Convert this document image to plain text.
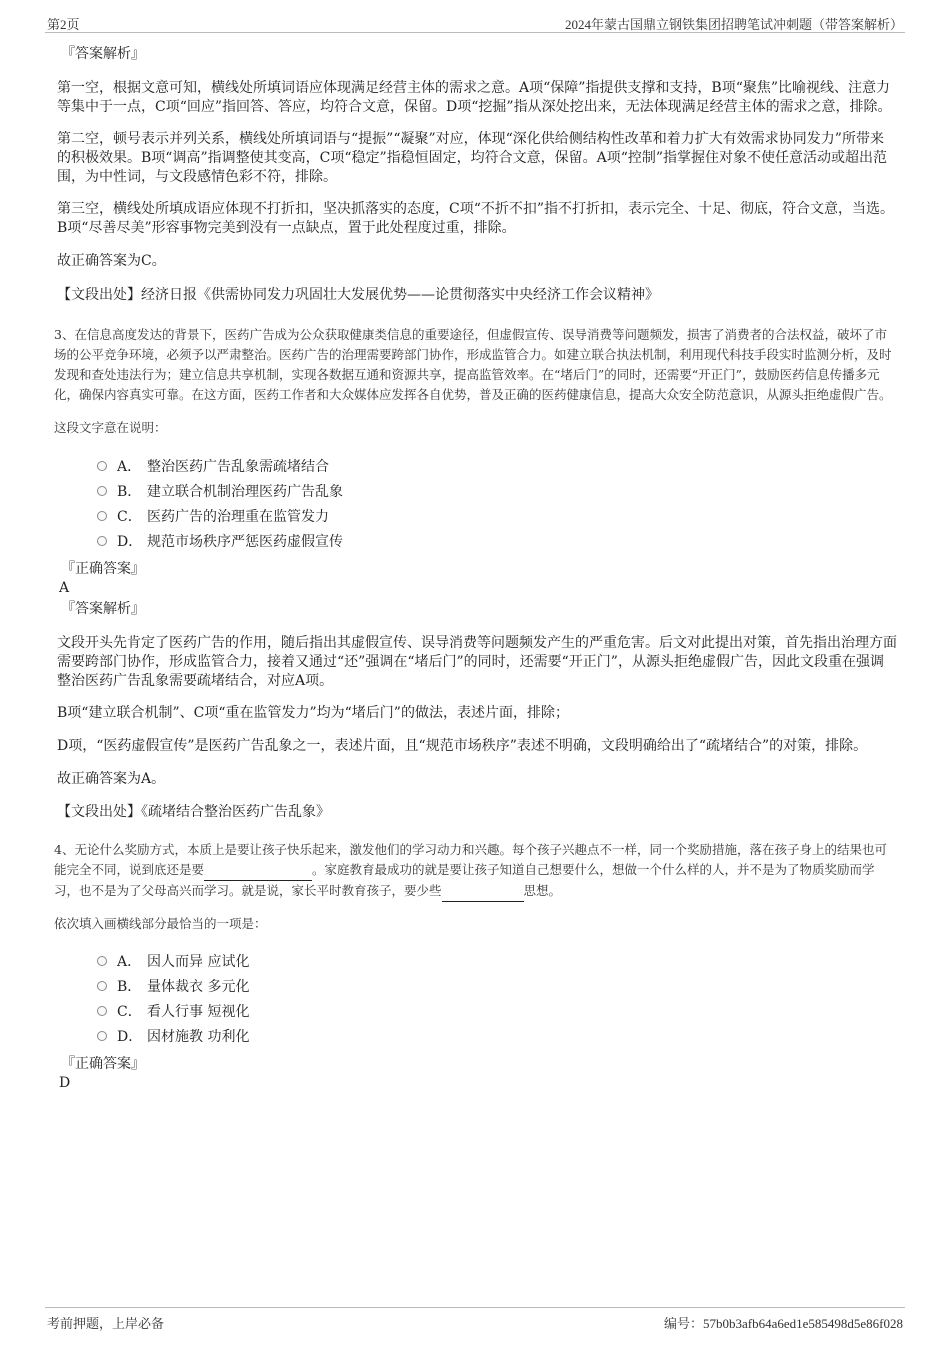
第2页	2024年蒙古国鼎立钢铁集团招聘笔试冲刺题（带答案解析）

『答案解析』

第一空，根据文意可知，横线处所填词语应体现满足经营主体的需求之意。A项“保障”指提供支撑和支持，B项“聚焦”比喻视线、注意力等集中于一点，C项“回应”指回答、答应，均符合文意，保留。D项“挖掘”指从深处挖出来，无法体现满足经营主体的需求之意，排除。

第二空，顿号表示并列关系，横线处所填词语与“提振”“凝聚”对应，体现“深化供给侧结构性改革和着力扩大有效需求协同发力”所带来的积极效果。B项“调高”指调整使其变高，C项“稳定”指稳恒固定，均符合文意，保留。A项“控制”指掌握住对象不使任意活动或超出范围，为中性词，与文段感情色彩不符，排除。

第三空，横线处所填成语应体现不打折扣，坚决抓落实的态度，C项“不折不扣”指不打折扣，表示完全、十足、彻底，符合文意，当选。B项“尽善尽美”形容事物完美到没有一点缺点，置于此处程度过重，排除。

故正确答案为C。

【文段出处】经济日报《供需协同发力巩固壮大发展优势——论贯彻落实中央经济工作会议精神》

3、在信息高度发达的背景下，医药广告成为公众获取健康类信息的重要途径，但虚假宣传、误导消费等问题频发，损害了消费者的合法权益，破坏了市场的公平竞争环境，必须予以严肃整治。医药广告的治理需要跨部门协作，形成监管合力。如建立联合执法机制，利用现代科技手段实时监测分析，及时发现和查处违法行为；建立信息共享机制，实现各数据互通和资源共享，提高监管效率。在“堵后门”的同时，还需要“开正门”，鼓励医药信息传播多元化，确保内容真实可靠。在这方面，医药工作者和大众媒体应发挥各自优势，普及正确的医药健康信息，提高大众安全防范意识，从源头拒绝虚假广告。

这段文字意在说明：

A． 整治医药广告乱象需疏堵结合
B． 建立联合机制治理医药广告乱象
C． 医药广告的治理重在监管发力
D． 规范市场秩序严惩医药虚假宣传

『正确答案』

A

『答案解析』

文段开头先肯定了医药广告的作用，随后指出其虚假宣传、误导消费等问题频发产生的严重危害。后文对此提出对策，首先指出治理方面需要跨部门协作，形成监管合力，接着又通过“还”强调在“堵后门”的同时，还需要“开正门”，从源头拒绝虚假广告，因此文段重在强调整治医药广告乱象需要疏堵结合，对应A项。

B项“建立联合机制”、C项“重在监管发力”均为“堵后门”的做法，表述片面，排除；

D项，“医药虚假宣传”是医药广告乱象之一，表述片面，且“规范市场秩序”表述不明确，文段明确给出了“疏堵结合”的对策，排除。

故正确答案为A。

【文段出处】《疏堵结合整治医药广告乱象》

4、无论什么奖励方式，本质上是要让孩子快乐起来，激发他们的学习动力和兴趣。每个孩子兴趣点不一样，同一个奖励措施，落在孩子身上的结果也可能完全不同，说到底还是要	。家庭教育最成功的就是要让孩子知道自己想要什么，想做一个什么样的人，并不是为了物质奖励而学习，也不是为了父母高兴而学习。就是说，家长平时教育孩子，要少些	思想。

依次填入画横线部分最恰当的一项是：

A． 因人而异 应试化
B． 量体裁衣 多元化
C． 看人行事 短视化
D． 因材施教 功利化

『正确答案』

D

考前押题，上岸必备	编号：57b0b3afb64a6ed1e585498d5e86f028
